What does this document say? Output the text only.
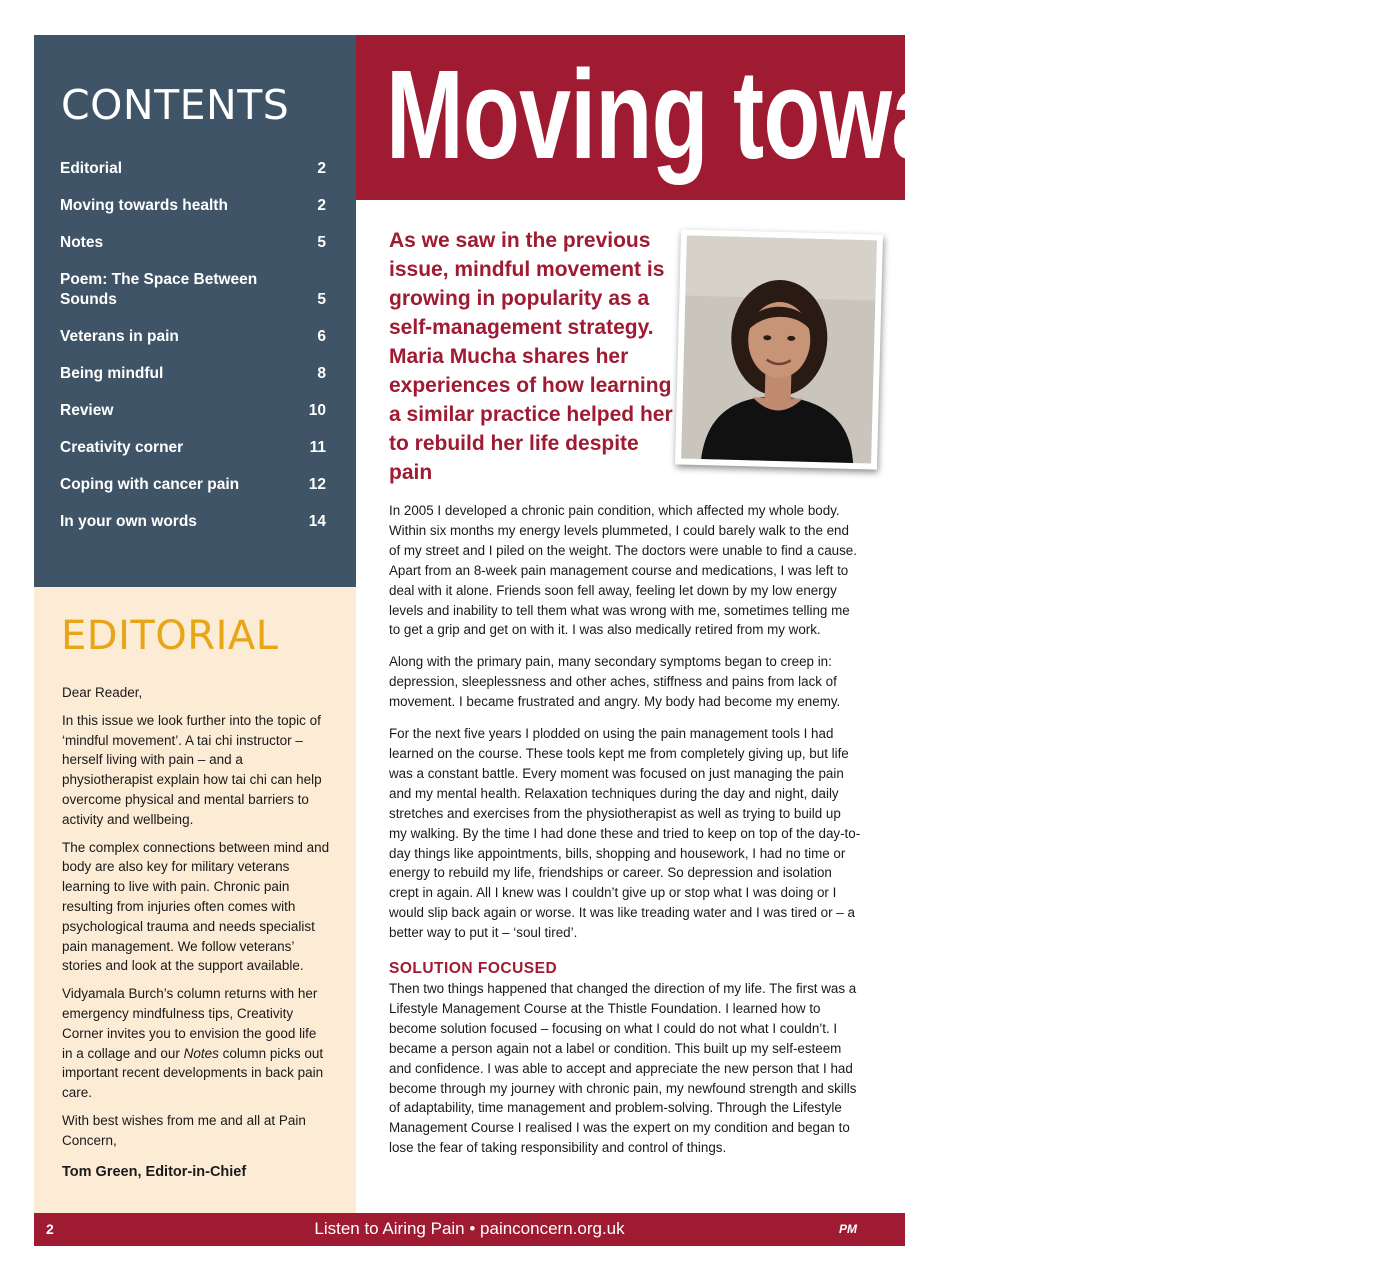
CONTENTS
Editorial	2
Moving towards health	2
Notes	5
Poem: The Space Between Sounds	5
Veterans in pain	6
Being mindful	8
Review	10
Creativity corner	11
Coping with cancer pain	12
In your own words	14
EDITORIAL

Dear Reader,

In this issue we look further into the topic of ‘mindful movement’. A tai chi instructor – herself living with pain – and a physiotherapist explain how tai chi can help overcome physical and mental barriers to activity and wellbeing.

The complex connections between mind and body are also key for military veterans learning to live with pain. Chronic pain resulting from injuries often comes with psychological trauma and needs specialist pain management. We follow veterans’ stories and look at the support available.

Vidyamala Burch’s column returns with her emergency mindfulness tips, Creativity Corner invites you to envision the good life in a collage and our Notes column picks out important recent developments in back pain care.

With best wishes from me and all at Pain Concern,

Tom Green, Editor-in-Chief

Moving towards health

As we saw in the previous issue, mindful movement is growing in popularity as a self-management strategy. Maria Mucha shares her experiences of how learning a similar practice helped her to rebuild her life despite pain

In 2005 I developed a chronic pain condition, which affected my whole body. Within six months my energy levels plummeted, I could barely walk to the end of my street and I piled on the weight. The doctors were unable to find a cause. Apart from an 8-week pain management course and medications, I was left to deal with it alone. Friends soon fell away, feeling let down by my low energy levels and inability to tell them what was wrong with me, sometimes telling me to get a grip and get on with it. I was also medically retired from my work.

Along with the primary pain, many secondary symptoms began to creep in: depression, sleeplessness and other aches, stiffness and pains from lack of movement. I became frustrated and angry. My body had become my enemy.

For the next five years I plodded on using the pain management tools I had learned on the course. These tools kept me from completely giving up, but life was a constant battle. Every moment was focused on just managing the pain and my mental health. Relaxation techniques during the day and night, daily stretches and exercises from the physiotherapist as well as trying to build up my walking. By the time I had done these and tried to keep on top of the day-to-day things like appointments, bills, shopping and housework, I had no time or energy to rebuild my life, friendships or career. So depression and isolation crept in again. All I knew was I couldn’t give up or stop what I was doing or I would slip back again or worse. It was like treading water and I was tired or – a better way to put it – ‘soul tired’.

SOLUTION FOCUSED

Then two things happened that changed the direction of my life. The first was a Lifestyle Management Course at the Thistle Foundation. I learned how to become solution focused – focusing on what I could do not what I couldn’t. I became a person again not a label or condition. This built up my self-esteem and confidence. I was able to accept and appreciate the new person that I had become through my journey with chronic pain, my newfound strength and skills of adaptability, time management and problem-solving. Through the Lifestyle Management Course I realised I was the expert on my condition and began to lose the fear of taking responsibility and control of things.

2	Listen to Airing Pain • painconcern.org.uk	PM
